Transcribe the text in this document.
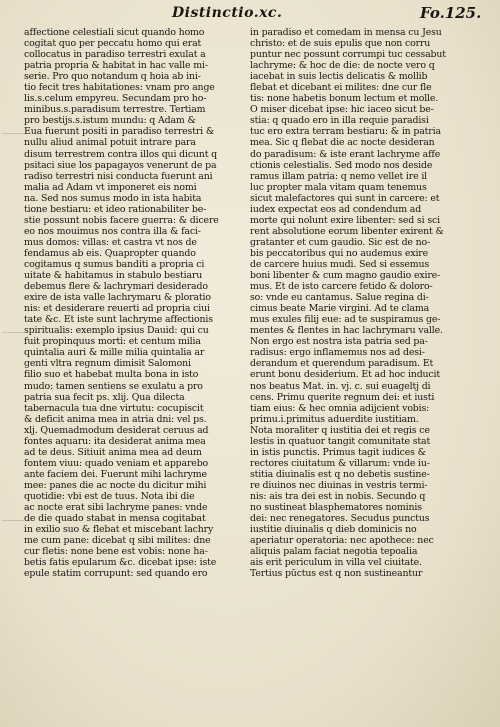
Distinctio.xc.	Fo.125.
affectione celestiali sicut quando homo
cogitat quo per peccatu homo qui erat
collocatus in paradiso terrestri exulat a
patria propria & habitat in hac valle mi-
serie. Pro quo notandum q hoia ab ini-
tio fecit tres habitationes: vnam pro ange
lis.s.celum empyreu. Secundam pro ho-
minibus.s.paradisum terrestre. Tertiam
pro bestijs.s.istum mundu: q Adam &
Eua fuerunt positi in paradiso terrestri &
nullu aliud animal potuit intrare para
disum terrestrem contra illos qui dicunt q
psitaci siue los papagayos venerunt de pa
radiso terrestri nisi conducta fuerunt ani
malia ad Adam vt imponeret eis nomi
na. Sed nos sumus modo in ista habita
tione bestiaru: et ideo rationabiliter be-
stie possunt nobis facere guerra: & dicere
eo nos mouimus nos contra illa & faci-
mus domos: villas: et castra vt nos de
fendamus ab eis. Quapropter quando
cogitamus q sumus banditi a propria ci
uitate & habitamus in stabulo bestiaru
debemus flere & lachrymari desiderado
exire de ista valle lachrymaru & ploratio
nis: et desiderare reuerti ad propria ciui
tate &c. Et iste sunt lachryme affectionis
spiritualis: exemplo ipsius Dauid: qui cu
fuit propinquus morti: et centum milia
quintalia auri & mille milia quintalia ar
genti vltra regnum dimisit Salomoni
filio suo et habebat multa bona in isto
mudo: tamen sentiens se exulatu a pro
patria sua fecit ps. xlij. Qua dilecta
tabernacula tua dne virtutu: cocupiscit
& deficit anima mea in atria dni: vel ps.
xlj. Quemadmodum desiderat ceruus ad
fontes aquaru: ita desiderat anima mea
ad te deus. Sitiuit anima mea ad deum
fontem viuu: quado veniam et apparebo
ante faciem dei. Fuerunt mihi lachryme
mee: panes die ac nocte du dicitur mihi
quotidie: vbi est de tuus. Nota ibi die
ac nocte erat sibi lachryme panes: vnde
de die quado stabat in mensa cogitabat
in exilio suo & flebat et miscebant lachry
me cum pane: dicebat q sibi milites: dne
cur fletis: none bene est vobis: none ha-
betis fatis epularum &c. dicebat ipse: iste
epule statim corrupunt: sed quando ero
in paradiso et comedam in mensa cu Jesu
christo: et de suis epulis que non corru
puntur nec possunt corrumpi tuc cessabut
lachryme: & hoc de die: de nocte vero q
iacebat in suis lectis delicatis & mollib
flebat et dicebant ei milites: dne cur fle
tis: none habetis bonum lectum et molle.
O miser dicebat ipse: hic iaceo sicut be-
stia: q quado ero in illa requie paradisi
tuc ero extra terram bestiaru: & in patria
mea. Sic q flebat die ac nocte desideran
do paradisum: & iste erant lachryme affe
ctionis celestialis. Sed modo nos deside
ramus illam patria: q nemo vellet ire il
luc propter mala vitam quam tenemus
sicut malefactores qui sunt in carcere: et
iudex expectat eos ad condendum ad
morte qui nolunt exire libenter: sed si sci
rent absolutione eorum libenter exirent &
gratanter et cum gaudio. Sic est de no-
bis peccatoribus qui no audemus exire
de carcere huius mudi. Sed si essemus
boni libenter & cum magno gaudio exire-
mus. Et de isto carcere fetido & doloro-
so: vnde eu cantamus. Salue regina di-
cimus beate Marie virgini. Ad te clama
mus exules filij eue: ad te suspiramus ge-
mentes & flentes in hac lachrymaru valle.
Non ergo est nostra ista patria sed pa-
radisus: ergo inflamemus nos ad desi-
derandum et querendum paradisum. Et
erunt bonu desiderium. Et ad hoc inducit
nos beatus Mat. in. vj. c. sui euageltj di
cens. Primu querite regnum dei: et iusti
tiam eius: & hec omnia adijcient vobis:
primu.i.primitus aduerdite iustitiam.
Nota moraliter q iustitia dei et regis ce
lestis in quatuor tangit comunitate stat
in istis punctis. Primus tagit iudices &
rectores ciuitatum & villarum: vnde iu-
stitia diuinalis est q no debetis sustine-
re diuinos nec diuinas in vestris termi-
nis: ais tra dei est in nobis. Secundo q
no sustineat blasphematores nominis
dei: nec renegatores. Secudus punctus
iustitie diuinalis q dieb dominicis no
aperiatur operatoria: nec apothece: nec
aliquis palam faciat negotia tepoalia
ais erit periculum in villa vel ciuitate.
Tertius pūctus est q non sustineantur
